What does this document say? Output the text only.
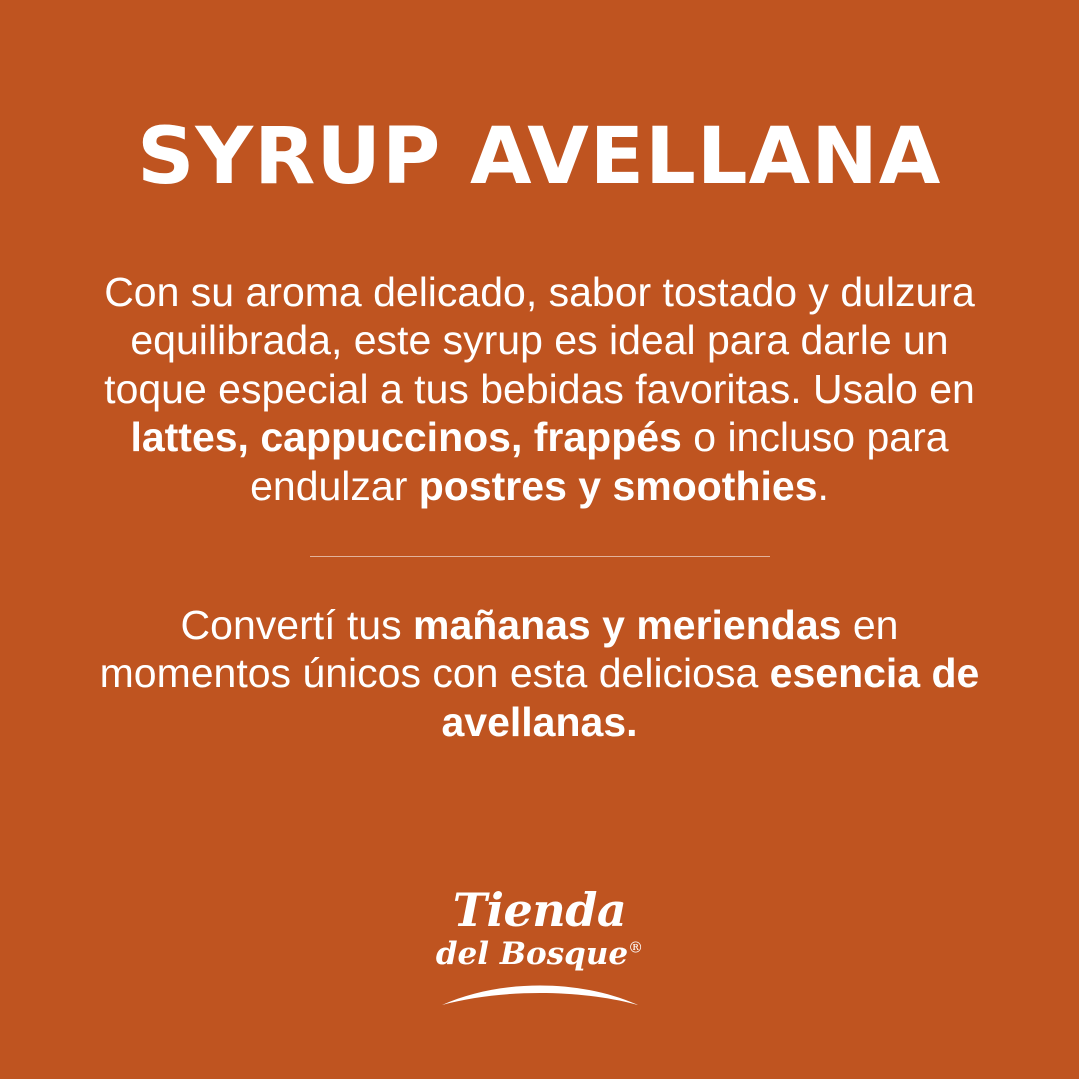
SYRUP AVELLANA
Con su aroma delicado, sabor tostado y dulzura equilibrada, este syrup es ideal para darle un toque especial a tus bebidas favoritas. Usalo en lattes, cappuccinos, frappés o incluso para endulzar postres y smoothies.
Convertí tus mañanas y meriendas en momentos únicos con esta deliciosa esencia de avellanas.
Tienda
del Bosque®
